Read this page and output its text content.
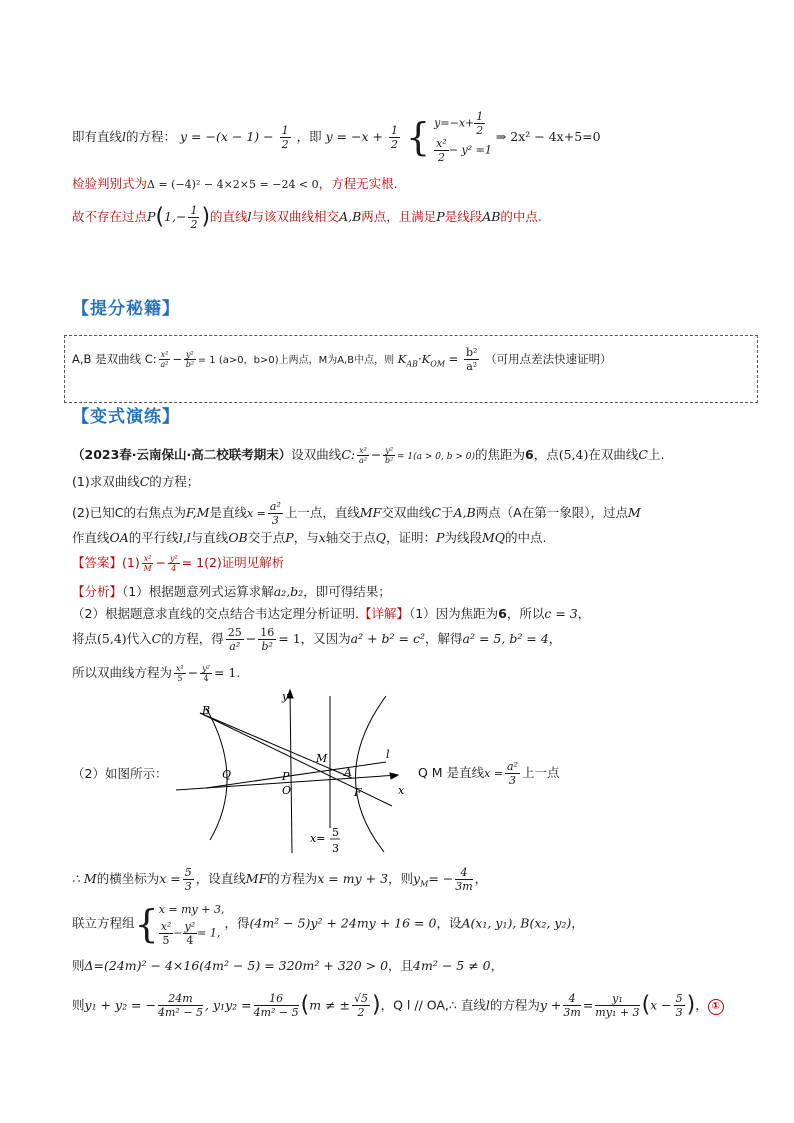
即有直线l的方程： $y = -(x - 1) - \frac{1}{2}$ ，即 $y = -x + \frac{1}{2}$ { $y=-x+ \frac{1}{2}$
$\frac{\text{x²}}{2} - y^2 =1$
⇒ 2x² − 4x+5=0
检验判别式为Δ = (−4)² − 4×2×5 = −24 < 0，方程无实根.
故不存在过点$P(1,- \frac{1}{2}$ )的直线l与该双曲线相交A,B两点，且满足P是线段AB的中点.
【提分秘籍】
A,B 是双曲线 C: $\frac{\text{x²}}{\text{a²}} - \frac{\text{y²}}{\text{b²}} = 1$ (a>0，b>0)上两点，M为A,B中点，则 $K_{AB}\cdot K_{OM} = \frac{\text{b²}}{\text{a²}}$ （可用点差法快速证明）
【变式演练】
（2023春·云南保山·高二校联考期末）设双曲线C: $\frac{\text{x²}}{\text{a²}} - \frac{\text{y²}}{\text{b²}} = 1(a > 0$, b > 0)的焦距为6，点(5,4)在双曲线C上.
(1)求双曲线C的方程；
(2)已知C的右焦点为F,M是直线$x = \frac{\text{a²}}{3}$ 上一点，直线MF交双曲线C于A,B两点（A在第一象限），过点M
作直线OA的平行线l,l与直线OB交于点P，与x轴交于点Q，证明：P为线段MQ的中点.
【答案】$(1) \frac{\text{x²}}{M} - \frac{\text{y²}}{4} = 1(2)$证明见解析
【分析】（1）根据题意列式运算求解a₂,b₂，即可得结果；
（2）根据题意求直线的交点结合韦达定理分析证明.【详解】（1）因为焦距为6，所以c = 3，
将点(5,4)代入C的方程，得 $\frac{25}{\text{a²}} - \frac{16}{\text{b²}} = 1$，又因为a² + b² = c²，解得a² = 5, b² = 4，
所以双曲线方程为 $\frac{\text{x²}}{5} - \frac{\text{y²}}{4} = 1$.
（2）如图所示：
y
B
l
M
P
Q	A
O	F	x
x= 5
3
Q M 是直线$x = \frac{\text{a²}}{3}$ 上一点
∴ M的横坐标为$x = \frac{5}{3}$ ，设直线MF的方程为x = my + 3，则$y_M= - \frac{4}{3m}$ ，
联立方程组{ x = my + 3,
$\frac{\text{x²}}{5} - \frac{\text{y²}}{4} = 1$,
，得(4m² − 5)y² + 24my + 16 = 0，设A(x₁, y₁), B(x₂, y₂)，
则Δ=(24m)² − 4×16(4m² − 5) = 320m² + 320 > 0，且4m² − 5 ≠ 0，
则y₁ + y₂ = − $\frac{24m}{\text{4m² − 5}}$ , $y_1y_2 = \frac{16}{\text{4m² − 5}} (m$ ≠ ± $\frac{√5}{2}$ )，Q l // OA,∴ 直线l的方程为$y + \frac{4}{3m} = \frac{\text{y₁}}{\text{my₁ + 3}} (x - \frac{5}{3}$ )， ①
